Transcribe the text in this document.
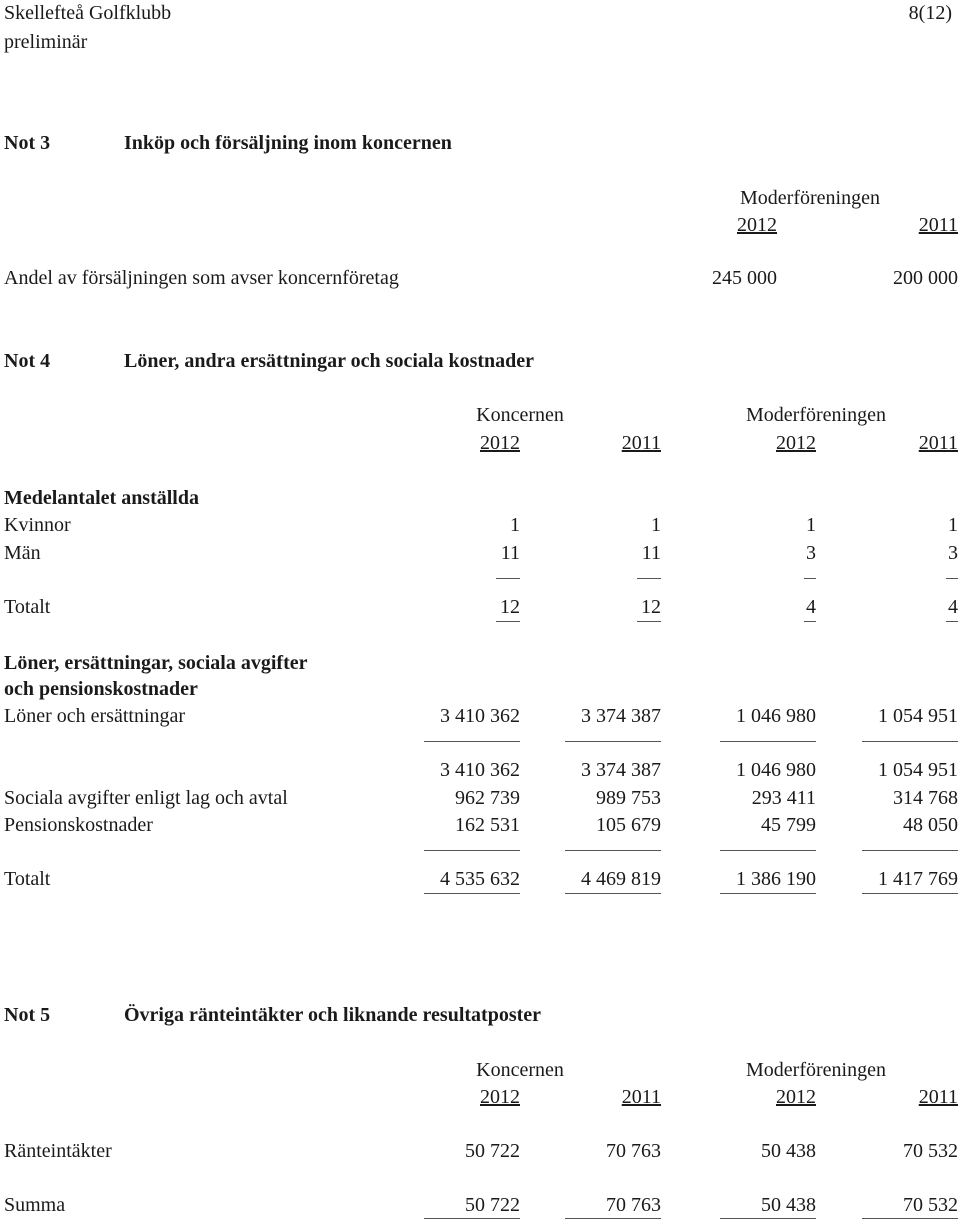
Skellefteå Golfklubb	8(12)
preliminär
Not 3	Inköp och försäljning inom koncernen
Moderföreningen
2012	2011
Andel av försäljningen som avser koncernföretag	245 000	200 000
Not 4	Löner, andra ersättningar och sociala kostnader
Koncernen	Moderföreningen
2012	2011	2012	2011
Medelantalet anställda
Kvinnor	1	1	1	1
Män	11	11	3	3
Totalt	12	12	4	4
Löner, ersättningar, sociala avgifter
och pensionskostnader
Löner och ersättningar	3 410 362	3 374 387	1 046 980	1 054 951
3 410 362	3 374 387	1 046 980	1 054 951
Sociala avgifter enligt lag och avtal	962 739	989 753	293 411	314 768
Pensionskostnader	162 531	105 679	45 799	48 050
Totalt	4 535 632	4 469 819	1 386 190	1 417 769
Not 5	Övriga ränteintäkter och liknande resultatposter
Koncernen	Moderföreningen
2012	2011	2012	2011
Ränteintäkter	50 722	70 763	50 438	70 532
Summa	50 722	70 763	50 438	70 532
